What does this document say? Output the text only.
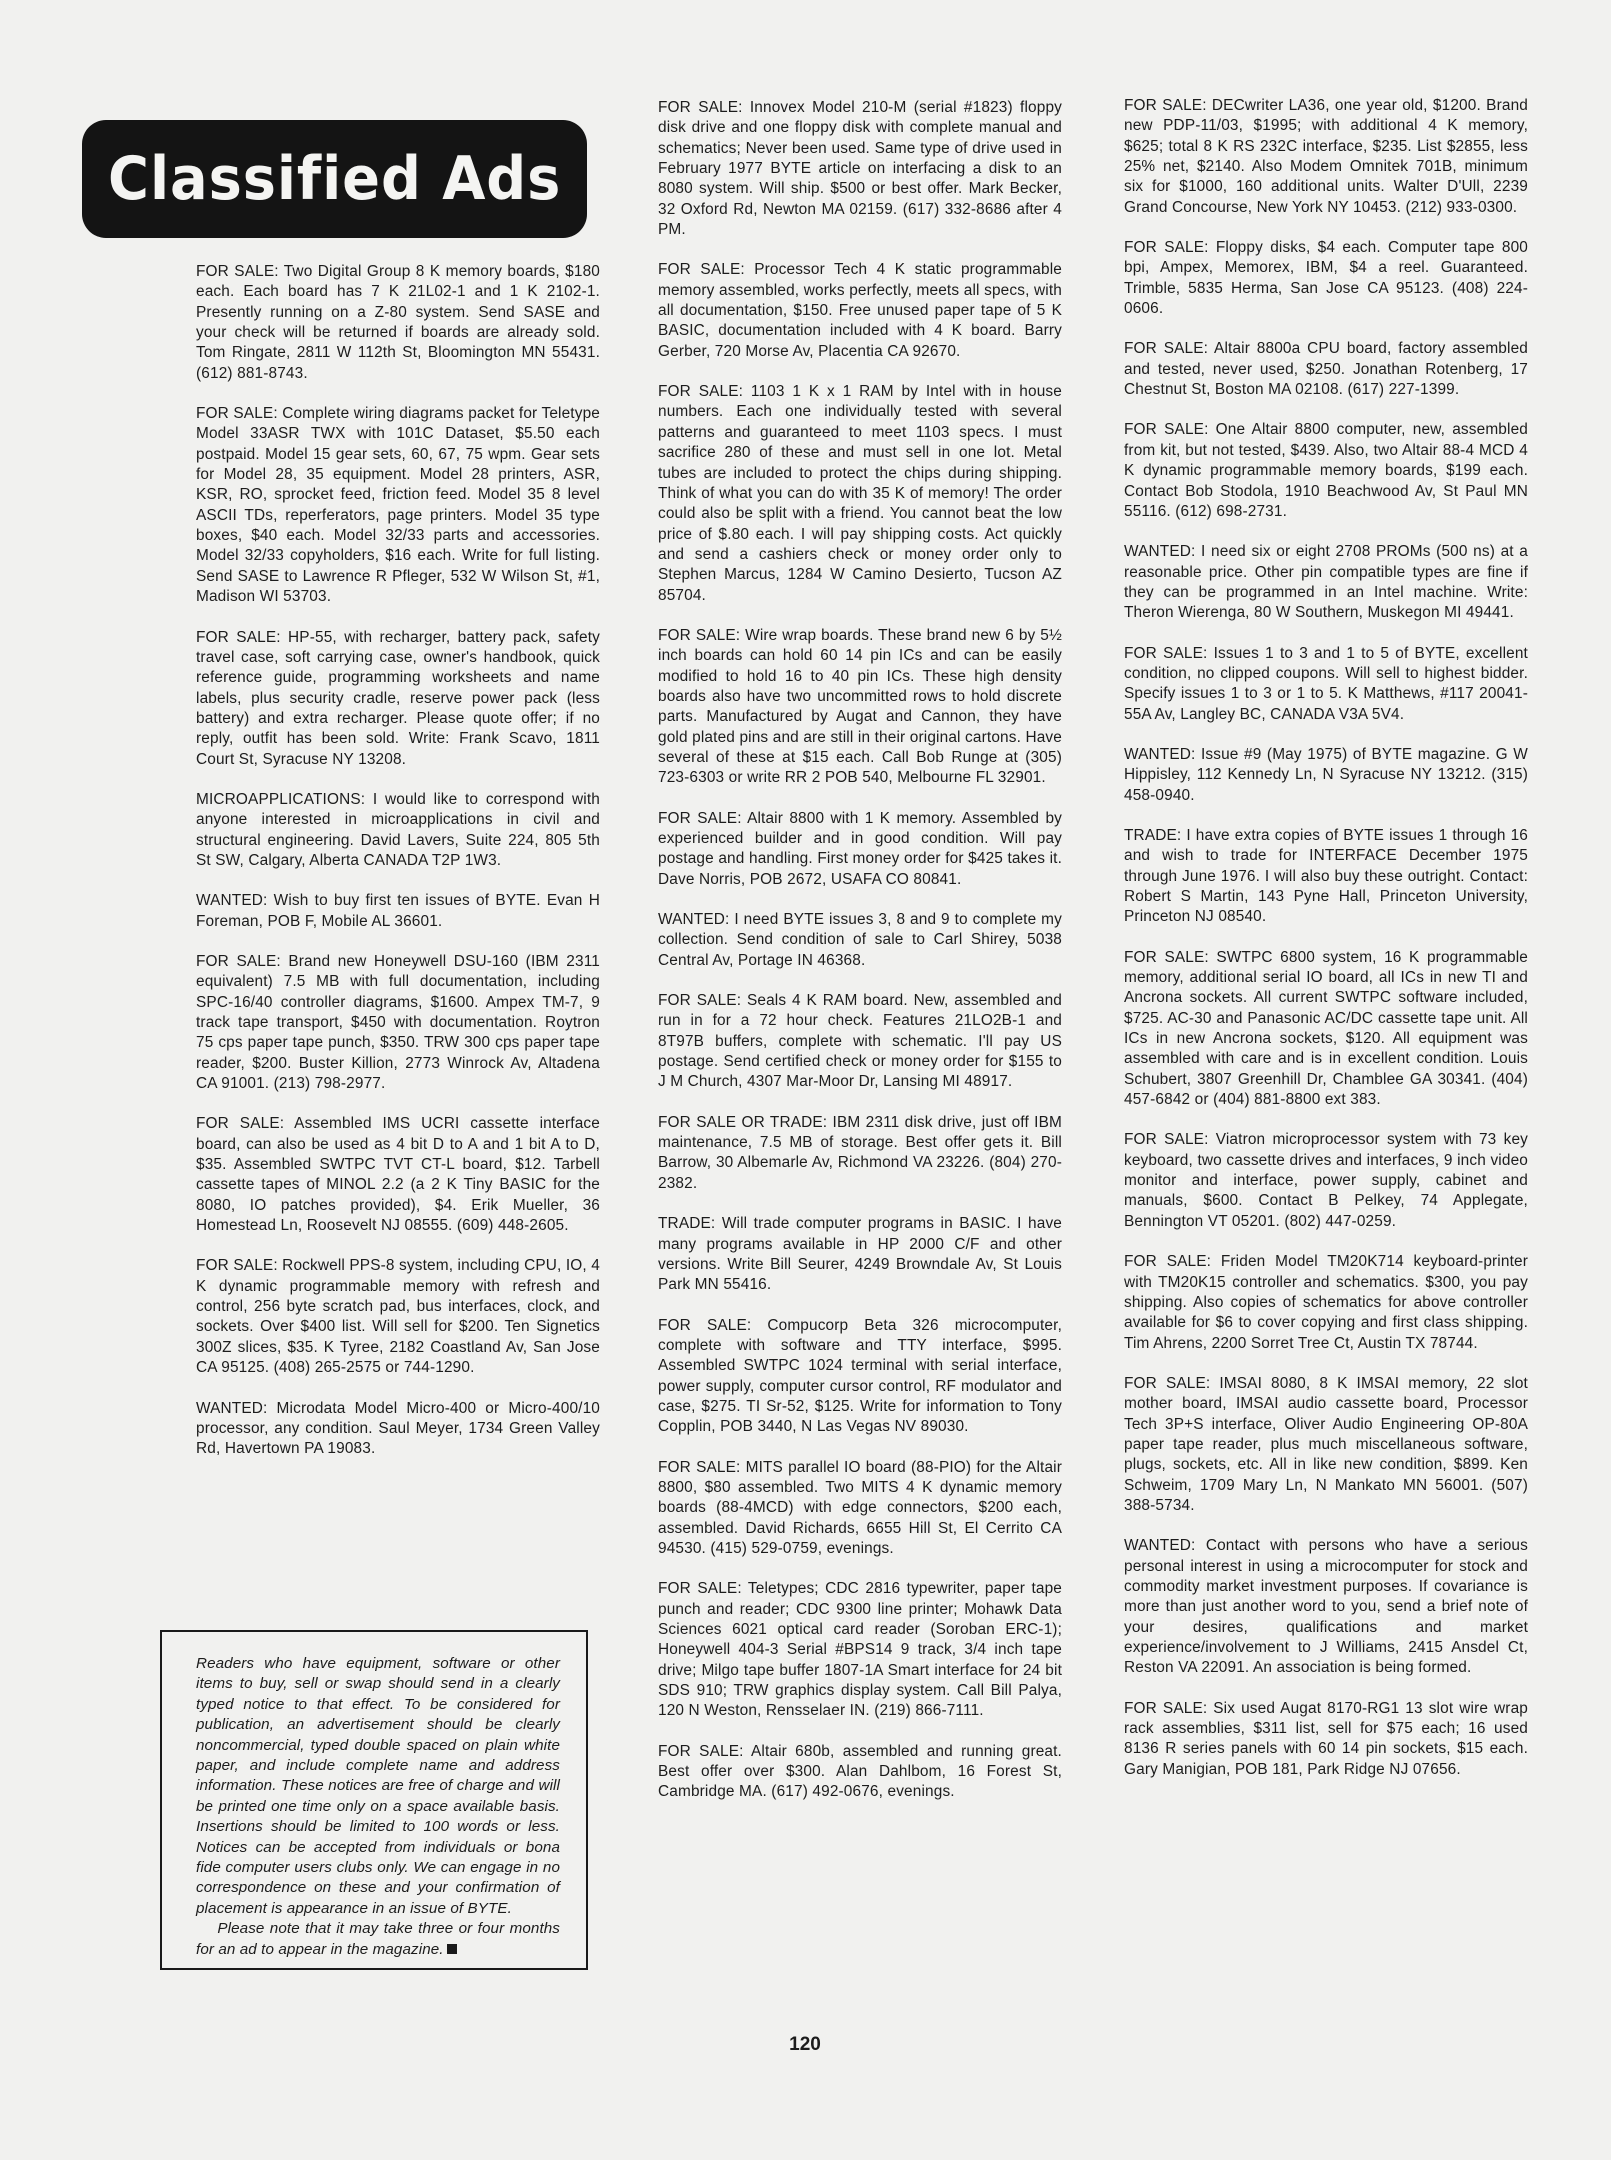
Classified Ads

FOR SALE: Two Digital Group 8 K memory boards, $180 each. Each board has 7 K 21L02-1 and 1 K 2102-1. Presently running on a Z-80 system. Send SASE and your check will be returned if boards are already sold. Tom Ringate, 2811 W 112th St, Bloomington MN 55431. (612) 881-8743.

FOR SALE: Complete wiring diagrams packet for Teletype Model 33ASR TWX with 101C Dataset, $5.50 each postpaid. Model 15 gear sets, 60, 67, 75 wpm. Gear sets for Model 28, 35 equipment. Model 28 printers, ASR, KSR, RO, sprocket feed, friction feed. Model 35 8 level ASCII TDs, reperferators, page printers. Model 35 type boxes, $40 each. Model 32/33 parts and accessories. Model 32/33 copyholders, $16 each. Write for full listing. Send SASE to Lawrence R Pfleger, 532 W Wilson St, #1, Madison WI 53703.

FOR SALE: HP-55, with recharger, battery pack, safety travel case, soft carrying case, owner's handbook, quick reference guide, programming worksheets and name labels, plus security cradle, reserve power pack (less battery) and extra recharger. Please quote offer; if no reply, outfit has been sold. Write: Frank Scavo, 1811 Court St, Syracuse NY 13208.

MICROAPPLICATIONS: I would like to correspond with anyone interested in microapplications in civil and structural engineering. David Lavers, Suite 224, 805 5th St SW, Calgary, Alberta CANADA T2P 1W3.

WANTED: Wish to buy first ten issues of BYTE. Evan H Foreman, POB F, Mobile AL 36601.

FOR SALE: Brand new Honeywell DSU-160 (IBM 2311 equivalent) 7.5 MB with full documentation, including SPC-16/40 controller diagrams, $1600. Ampex TM-7, 9 track tape transport, $450 with documentation. Roytron 75 cps paper tape punch, $350. TRW 300 cps paper tape reader, $200. Buster Killion, 2773 Winrock Av, Altadena CA 91001. (213) 798-2977.

FOR SALE: Assembled IMS UCRI cassette interface board, can also be used as 4 bit D to A and 1 bit A to D, $35. Assembled SWTPC TVT CT-L board, $12. Tarbell cassette tapes of MINOL 2.2 (a 2 K Tiny BASIC for the 8080, IO patches provided), $4. Erik Mueller, 36 Homestead Ln, Roosevelt NJ 08555. (609) 448-2605.

FOR SALE: Rockwell PPS-8 system, including CPU, IO, 4 K dynamic programmable memory with refresh and control, 256 byte scratch pad, bus interfaces, clock, and sockets. Over $400 list. Will sell for $200. Ten Signetics 300Z slices, $35. K Tyree, 2182 Coastland Av, San Jose CA 95125. (408) 265-2575 or 744-1290.

WANTED: Microdata Model Micro-400 or Micro-400/10 processor, any condition. Saul Meyer, 1734 Green Valley Rd, Havertown PA 19083.

Readers who have equipment, software or other items to buy, sell or swap should send in a clearly typed notice to that effect. To be considered for publication, an advertisement should be clearly noncommercial, typed double spaced on plain white paper, and include complete name and address information. These notices are free of charge and will be printed one time only on a space available basis. Insertions should be limited to 100 words or less. Notices can be accepted from individuals or bona fide computer users clubs only. We can engage in no correspondence on these and your confirmation of placement is appearance in an issue of BYTE.
Please note that it may take three or four months for an ad to appear in the magazine.

FOR SALE: Innovex Model 210-M (serial #1823) floppy disk drive and one floppy disk with complete manual and schematics; Never been used. Same type of drive used in February 1977 BYTE article on interfacing a disk to an 8080 system. Will ship. $500 or best offer. Mark Becker, 32 Oxford Rd, Newton MA 02159. (617) 332-8686 after 4 PM.

FOR SALE: Processor Tech 4 K static programmable memory assembled, works perfectly, meets all specs, with all documentation, $150. Free unused paper tape of 5 K BASIC, documentation included with 4 K board. Barry Gerber, 720 Morse Av, Placentia CA 92670.

FOR SALE: 1103 1 K x 1 RAM by Intel with in house numbers. Each one individually tested with several patterns and guaranteed to meet 1103 specs. I must sacrifice 280 of these and must sell in one lot. Metal tubes are included to protect the chips during shipping. Think of what you can do with 35 K of memory! The order could also be split with a friend. You cannot beat the low price of $.80 each. I will pay shipping costs. Act quickly and send a cashiers check or money order only to Stephen Marcus, 1284 W Camino Desierto, Tucson AZ 85704.

FOR SALE: Wire wrap boards. These brand new 6 by 5½ inch boards can hold 60 14 pin ICs and can be easily modified to hold 16 to 40 pin ICs. These high density boards also have two uncommitted rows to hold discrete parts. Manufactured by Augat and Cannon, they have gold plated pins and are still in their original cartons. Have several of these at $15 each. Call Bob Runge at (305) 723-6303 or write RR 2 POB 540, Melbourne FL 32901.

FOR SALE: Altair 8800 with 1 K memory. Assembled by experienced builder and in good condition. Will pay postage and handling. First money order for $425 takes it. Dave Norris, POB 2672, USAFA CO 80841.

WANTED: I need BYTE issues 3, 8 and 9 to complete my collection. Send condition of sale to Carl Shirey, 5038 Central Av, Portage IN 46368.

FOR SALE: Seals 4 K RAM board. New, assembled and run in for a 72 hour check. Features 21LO2B-1 and 8T97B buffers, complete with schematic. I'll pay US postage. Send certified check or money order for $155 to J M Church, 4307 Mar-Moor Dr, Lansing MI 48917.

FOR SALE OR TRADE: IBM 2311 disk drive, just off IBM maintenance, 7.5 MB of storage. Best offer gets it. Bill Barrow, 30 Albemarle Av, Richmond VA 23226. (804) 270-2382.

TRADE: Will trade computer programs in BASIC. I have many programs available in HP 2000 C/F and other versions. Write Bill Seurer, 4249 Browndale Av, St Louis Park MN 55416.

FOR SALE: Compucorp Beta 326 microcomputer, complete with software and TTY interface, $995. Assembled SWTPC 1024 terminal with serial interface, power supply, computer cursor control, RF modulator and case, $275. TI Sr-52, $125. Write for information to Tony Copplin, POB 3440, N Las Vegas NV 89030.

FOR SALE: MITS parallel IO board (88-PIO) for the Altair 8800, $80 assembled. Two MITS 4 K dynamic memory boards (88-4MCD) with edge connectors, $200 each, assembled. David Richards, 6655 Hill St, El Cerrito CA 94530. (415) 529-0759, evenings.

FOR SALE: Teletypes; CDC 2816 typewriter, paper tape punch and reader; CDC 9300 line printer; Mohawk Data Sciences 6021 optical card reader (Soroban ERC-1); Honeywell 404-3 Serial #BPS14 9 track, 3/4 inch tape drive; Milgo tape buffer 1807-1A Smart interface for 24 bit SDS 910; TRW graphics display system. Call Bill Palya, 120 N Weston, Rensselaer IN. (219) 866-7111.

FOR SALE: Altair 680b, assembled and running great. Best offer over $300. Alan Dahlbom, 16 Forest St, Cambridge MA. (617) 492-0676, evenings.

FOR SALE: DECwriter LA36, one year old, $1200. Brand new PDP-11/03, $1995; with additional 4 K memory, $625; total 8 K RS 232C interface, $235. List $2855, less 25% net, $2140. Also Modem Omnitek 701B, minimum six for $1000, 160 additional units. Walter D'Ull, 2239 Grand Concourse, New York NY 10453. (212) 933-0300.

FOR SALE: Floppy disks, $4 each. Computer tape 800 bpi, Ampex, Memorex, IBM, $4 a reel. Guaranteed. Trimble, 5835 Herma, San Jose CA 95123. (408) 224-0606.

FOR SALE: Altair 8800a CPU board, factory assembled and tested, never used, $250. Jonathan Rotenberg, 17 Chestnut St, Boston MA 02108. (617) 227-1399.

FOR SALE: One Altair 8800 computer, new, assembled from kit, but not tested, $439. Also, two Altair 88-4 MCD 4 K dynamic programmable memory boards, $199 each. Contact Bob Stodola, 1910 Beachwood Av, St Paul MN 55116. (612) 698-2731.

WANTED: I need six or eight 2708 PROMs (500 ns) at a reasonable price. Other pin compatible types are fine if they can be programmed in an Intel machine. Write: Theron Wierenga, 80 W Southern, Muskegon MI 49441.

FOR SALE: Issues 1 to 3 and 1 to 5 of BYTE, excellent condition, no clipped coupons. Will sell to highest bidder. Specify issues 1 to 3 or 1 to 5. K Matthews, #117 20041-55A Av, Langley BC, CANADA V3A 5V4.

WANTED: Issue #9 (May 1975) of BYTE magazine. G W Hippisley, 112 Kennedy Ln, N Syracuse NY 13212. (315) 458-0940.

TRADE: I have extra copies of BYTE issues 1 through 16 and wish to trade for INTERFACE December 1975 through June 1976. I will also buy these outright. Contact: Robert S Martin, 143 Pyne Hall, Princeton University, Princeton NJ 08540.

FOR SALE: SWTPC 6800 system, 16 K programmable memory, additional serial IO board, all ICs in new TI and Ancrona sockets. All current SWTPC software included, $725. AC-30 and Panasonic AC/DC cassette tape unit. All ICs in new Ancrona sockets, $120. All equipment was assembled with care and is in excellent condition. Louis Schubert, 3807 Greenhill Dr, Chamblee GA 30341. (404) 457-6842 or (404) 881-8800 ext 383.

FOR SALE: Viatron microprocessor system with 73 key keyboard, two cassette drives and interfaces, 9 inch video monitor and interface, power supply, cabinet and manuals, $600. Contact B Pelkey, 74 Applegate, Bennington VT 05201. (802) 447-0259.

FOR SALE: Friden Model TM20K714 keyboard-printer with TM20K15 controller and schematics. $300, you pay shipping. Also copies of schematics for above controller available for $6 to cover copying and first class shipping. Tim Ahrens, 2200 Sorret Tree Ct, Austin TX 78744.

FOR SALE: IMSAI 8080, 8 K IMSAI memory, 22 slot mother board, IMSAI audio cassette board, Processor Tech 3P+S interface, Oliver Audio Engineering OP-80A paper tape reader, plus much miscellaneous software, plugs, sockets, etc. All in like new condition, $899. Ken Schweim, 1709 Mary Ln, N Mankato MN 56001. (507) 388-5734.

WANTED: Contact with persons who have a serious personal interest in using a microcomputer for stock and commodity market investment purposes. If covariance is more than just another word to you, send a brief note of your desires, qualifications and market experience/involvement to J Williams, 2415 Ansdel Ct, Reston VA 22091. An association is being formed.

FOR SALE: Six used Augat 8170-RG1 13 slot wire wrap rack assemblies, $311 list, sell for $75 each; 16 used 8136 R series panels with 60 14 pin sockets, $15 each. Gary Manigian, POB 181, Park Ridge NJ 07656.

120
